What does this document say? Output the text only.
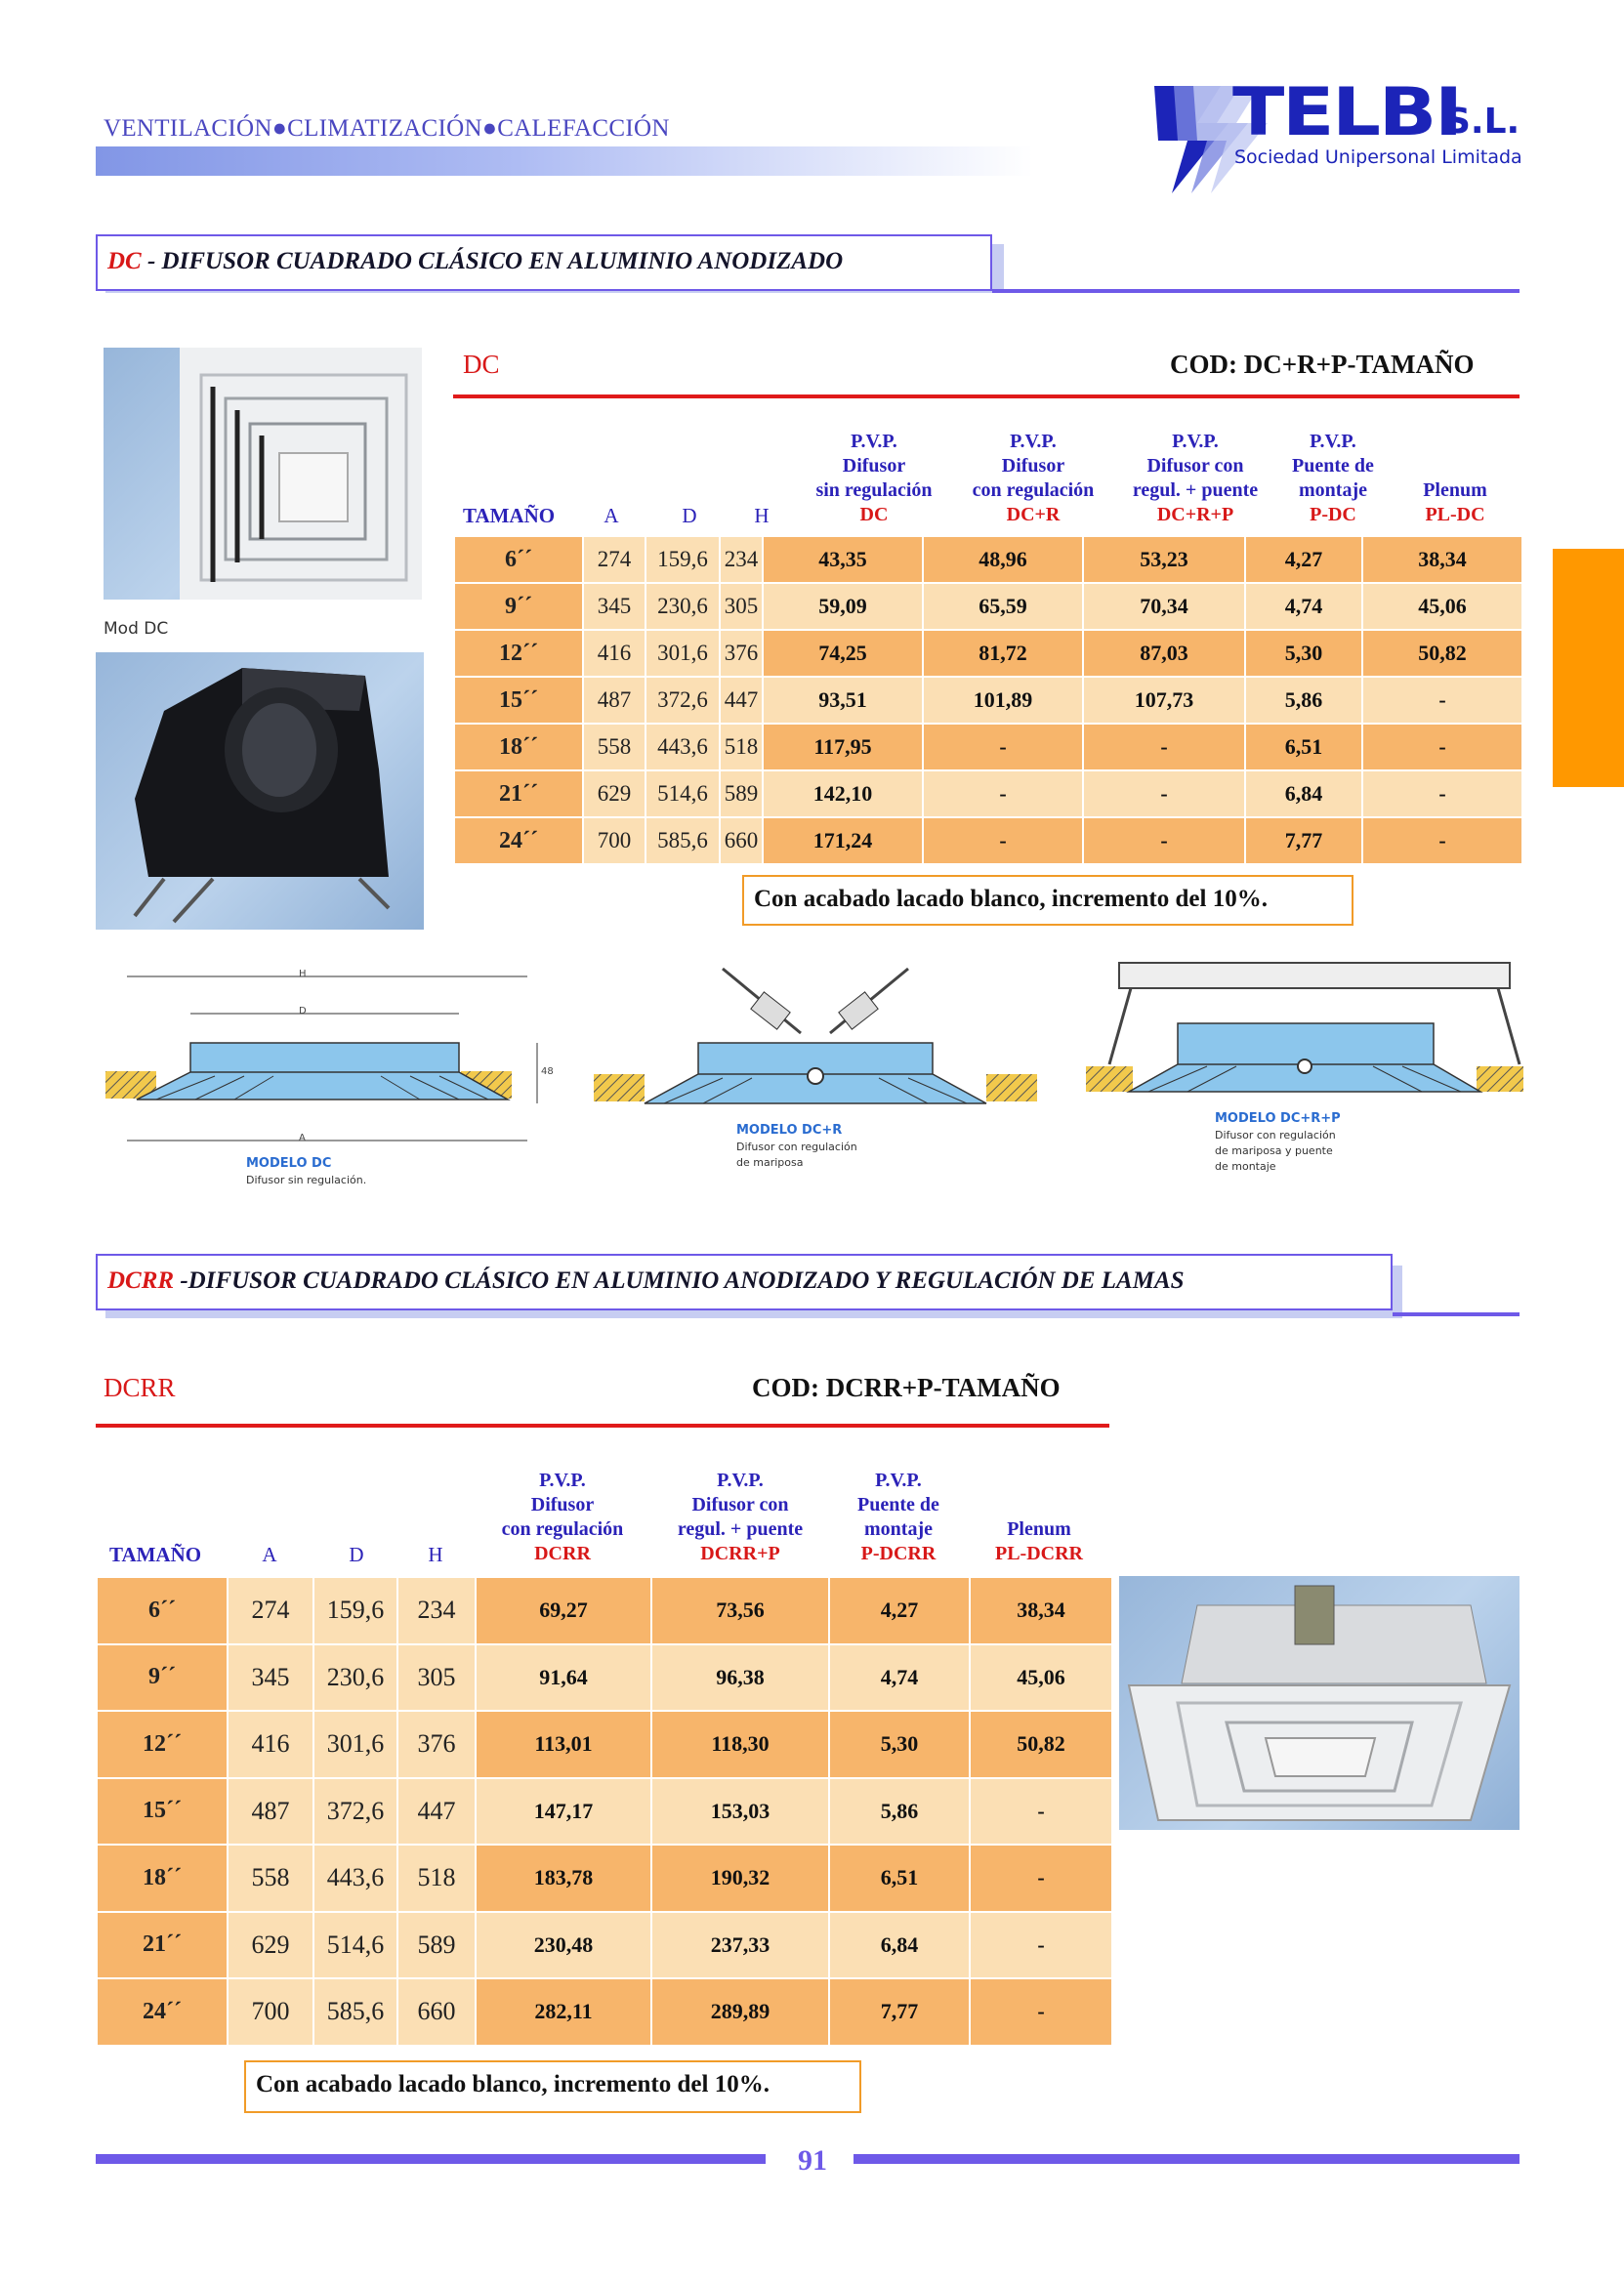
VENTILACIÓN●CLIMATIZACIÓN●CALEFACCIÓN	TELBI
S.L.
Sociedad Unipersonal Limitada
DC - DIFUSOR CUADRADO CLÁSICO EN ALUMINIO ANODIZADO
Mod DC
DC	COD: DC+R+P-TAMAÑO
TAMAÑO	A	D	H
P.V.P.
Difusor
sin regulación
DC
P.V.P.
Difusor
con regulación
DC+R
P.V.P.
Difusor con
regul. + puente
DC+R+P
P.V.P.
Puente de
montaje
P-DC
Plenum
PL-DC
6´´	274	159,6	234	43,35	48,96	53,23	4,27	38,34
9´´	345	230,6	305	59,09	65,59	70,34	4,74	45,06
12´´	416	301,6	376	74,25	81,72	87,03	5,30	50,82
15´´	487	372,6	447	93,51	101,89	107,73	5,86	-
18´´	558	443,6	518	117,95	-	-	6,51	-
21´´	629	514,6	589	142,10	-	-	6,84	-
24´´	700	585,6	660	171,24	-	-	7,77	-
Con acabado lacado blanco, incremento del 10%.
H
D
A
48
MODELO DC
Difusor sin regulación.
MODELO DC+R
Difusor con regulación
de mariposa
MODELO DC+R+P
Difusor con regulación
de mariposa y puente
de montaje
DCRR -DIFUSOR CUADRADO CLÁSICO EN ALUMINIO ANODIZADO Y REGULACIÓN DE LAMAS
DCRR	COD: DCRR+P-TAMAÑO
TAMAÑO	A	D	H
P.V.P.
Difusor
con regulación
DCRR
P.V.P.
Difusor con
regul. + puente
DCRR+P
P.V.P.
Puente de
montaje
P-DCRR
Plenum
PL-DCRR
6´´	274	159,6	234	69,27	73,56	4,27	38,34
9´´	345	230,6	305	91,64	96,38	4,74	45,06
12´´	416	301,6	376	113,01	118,30	5,30	50,82
15´´	487	372,6	447	147,17	153,03	5,86	-
18´´	558	443,6	518	183,78	190,32	6,51	-
21´´	629	514,6	589	230,48	237,33	6,84	-
24´´	700	585,6	660	282,11	289,89	7,77	-
Con acabado lacado blanco, incremento del 10%.
91
